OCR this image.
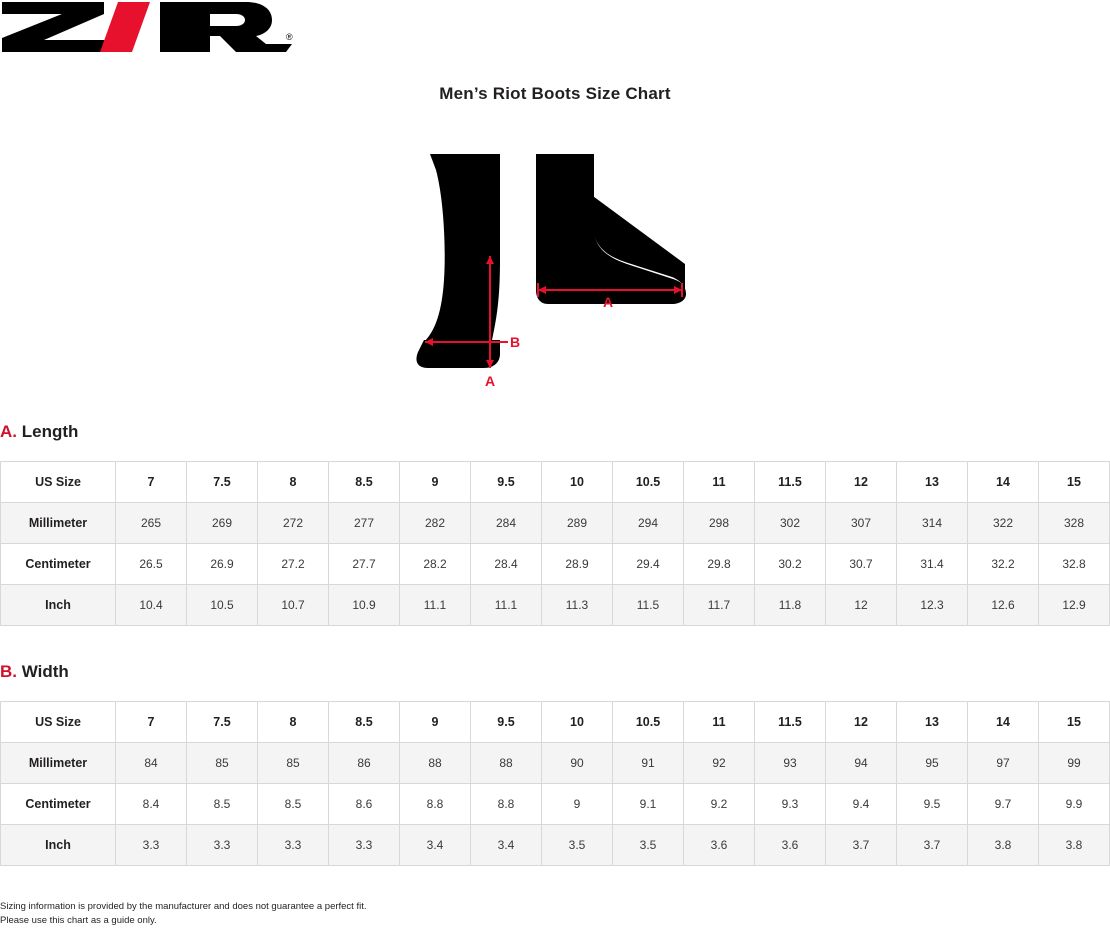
®
Men’s Riot Boots Size Chart
A
A
B
A. Length
US Size	7	7.5	8	8.5	9	9.5	10	10.5	11	11.5	12	13	14	15
Millimeter	265	269	272	277	282	284	289	294	298	302	307	314	322	328
Centimeter	26.5	26.9	27.2	27.7	28.2	28.4	28.9	29.4	29.8	30.2	30.7	31.4	32.2	32.8
Inch	10.4	10.5	10.7	10.9	11.1	11.1	11.3	11.5	11.7	11.8	12	12.3	12.6	12.9
B. Width
US Size	7	7.5	8	8.5	9	9.5	10	10.5	11	11.5	12	13	14	15
Millimeter	84	85	85	86	88	88	90	91	92	93	94	95	97	99
Centimeter	8.4	8.5	8.5	8.6	8.8	8.8	9	9.1	9.2	9.3	9.4	9.5	9.7	9.9
Inch	3.3	3.3	3.3	3.3	3.4	3.4	3.5	3.5	3.6	3.6	3.7	3.7	3.8	3.8
Sizing information is provided by the manufacturer and does not guarantee a perfect fit.
Please use this chart as a guide only.
